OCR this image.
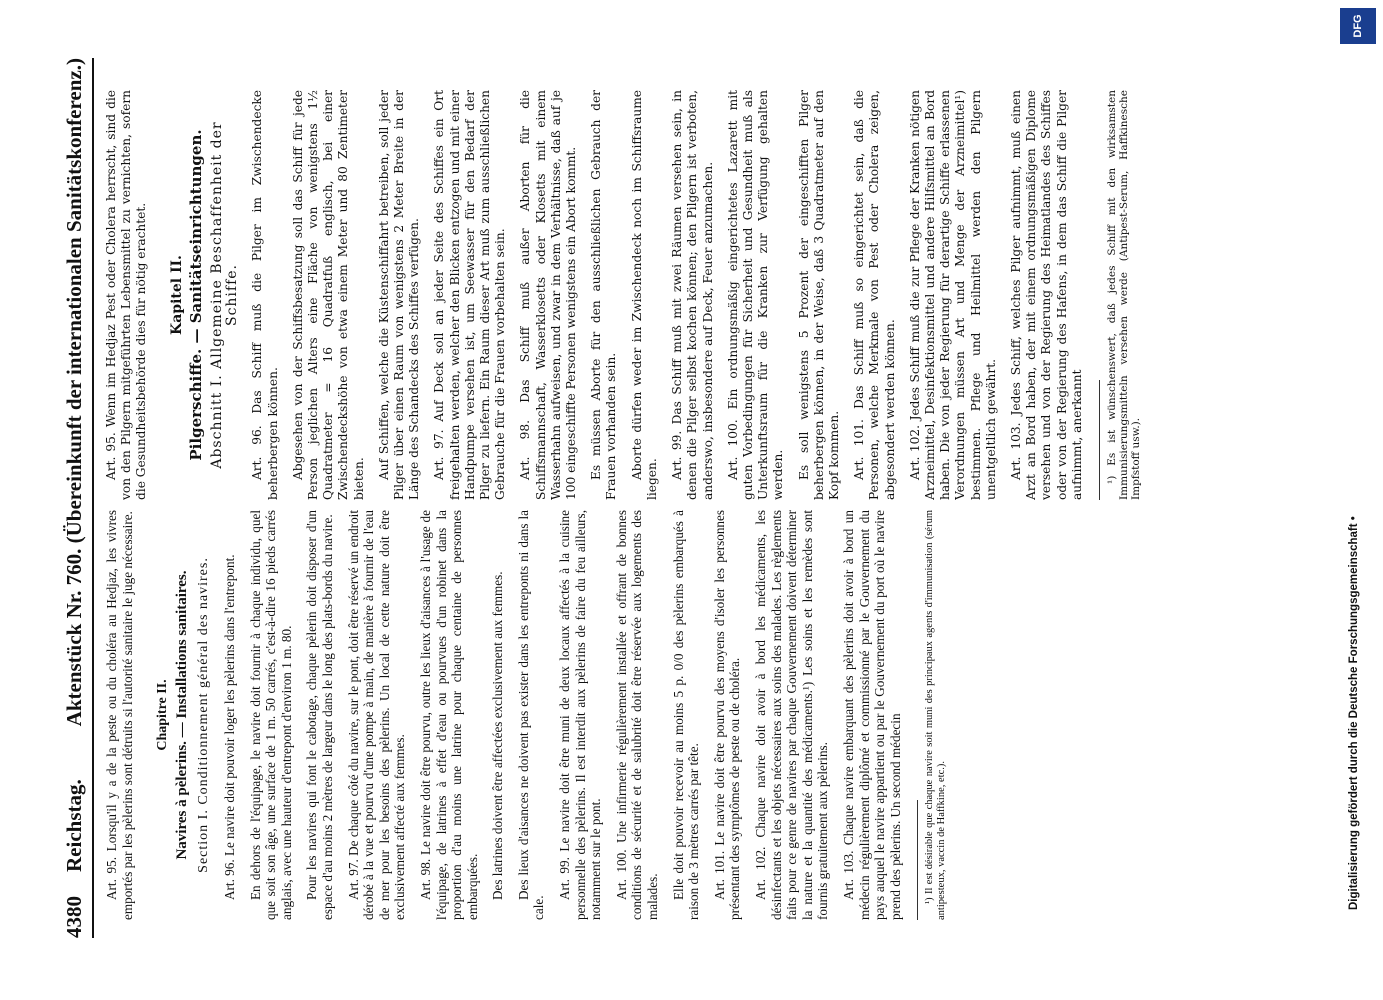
4380
Reichstag.
Aktenstück Nr. 760. (Übereinkunft der internationalen Sanitätskonferenz.) Art. 95. Lorsqu'il y a de la peste ou du choléra au Hedjaz, les vivres emportés par les pèlerins sont détruits si l'autorité sanitaire le juge nécessaire. Chapitre II. Navires à pèlerins. — Installations sanitaires. Section I. Conditionnement général des navires. Art. 96. Le navire doit pouvoir loger les pèlerins dans l'entrepont. En dehors de l'équipage, le navire doit fournir à chaque individu, quel que soit son âge, une surface de 1 m. 50 carrés, c'est-à-dire 16 pieds carrés anglais, avec une hauteur d'entrepont d'environ 1 m. 80. Pour les navires qui font le cabotage, chaque pèlerin doit disposer d'un espace d'au moins 2 mètres de largeur dans le long des plats-bords du navire. Art. 97. De chaque côté du navire, sur le pont, doit être réservé un endroit dérobé à la vue et pourvu d'une pompe à main, de manière à fournir de l'eau de mer pour les besoins des pèlerins. Un local de cette nature doit être exclusivement affecté aux femmes. Art. 98. Le navire doit être pourvu, outre les lieux d'aisances à l'usage de l'équipage, de latrines à effet d'eau ou pourvues d'un robinet dans la proportion d'au moins une latrine pour chaque centaine de personnes embarquées. Des latrines doivent être affectées exclusivement aux femmes. Des lieux d'aisances ne doivent pas exister dans les entreponts ni dans la cale.

Art. 99. Le navire doit être muni de deux locaux affectés à la cuisine personnelle des pèlerins. Il est interdit aux pèlerins de faire du feu ailleurs, notamment sur le pont. Art. 100. Une infirmerie régulièrement installée et offrant de bonnes conditions de sécurité et de salubrité doit être réservée aux logements des malades. Elle doit pouvoir recevoir au moins 5 p. 0/0 des pèlerins embarqués à raison de 3 mètres carrés par tête. Art. 101. Le navire doit être pourvu des moyens d'isoler les personnes présentant des symptômes de peste ou de choléra. Art. 102. Chaque navire doit avoir à bord les médicaments, les désinfectants et les objets nécessaires aux soins des malades. Les règlements faits pour ce genre de navires par chaque Gouvernement doivent déterminer la nature et la quantité des médicaments.¹) Les soins et les remèdes sont fournis gratuitement aux pèlerins. Art. 103. Chaque navire embarquant des pèlerins doit avoir à bord un médecin régulièrement diplômé et commissionné par le Gouvernement du pays auquel le navire appartient ou par le Gouvernement du port où le navire prend des pèlerins. Un second médecin ¹) Il est désirable que chaque navire soit muni des principaux agents d'immunisation (sérum antipesteux, vaccin de Haffkine, etc.).

Art. 95. Wenn im Hedjaz Pest oder Cholera herrscht, sind die von den Pilgern mitgeführten Lebensmittel zu vernichten, sofern die Gesundheitsbehörde dies für nötig erachtet. Kapitel II. Pilgerschiffe. — Sanitätseinrichtungen. Abschnitt I. Allgemeine Beschaffenheit der Schiffe. Art. 96. Das Schiff muß die Pilger im Zwischendecke beherbergen können. Abgesehen von der Schiffsbesatzung soll das Schiff für jede Person jeglichen Alters eine Fläche von wenigstens 1½ Quadratmeter = 16 Quadratfuß englisch, bei einer Zwischendeckshöhe von etwa einem Meter und 80 Zentimeter bieten. Auf Schiffen, welche die Küstenschiffahrt betreiben, soll jeder Pilger über einen Raum von wenigstens 2 Meter Breite in der Länge des Schandecks des Schiffes verfügen. Art. 97. Auf Deck soll an jeder Seite des Schiffes ein Ort freigehalten werden, welcher den Blicken entzogen und mit einer Handpumpe versehen ist, um Seewasser für den Bedarf der Pilger zu liefern. Ein Raum dieser Art muß zum ausschließlichen Gebrauche für die Frauen vorbehalten sein. Art. 98. Das Schiff muß außer Aborten für die Schiffsmannschaft, Wasserklosetts oder Klosetts mit einem Wasserhahn aufweisen, und zwar in dem Verhältnisse, daß auf je 100 eingeschiffte Personen wenigstens ein Abort kommt. Es müssen Aborte für den ausschließlichen Gebrauch der Frauen vorhanden sein. Aborte dürfen weder im Zwischendeck noch im Schiffsraume liegen. Art. 99. Das Schiff muß mit zwei Räumen versehen sein, in denen die Pilger selbst kochen können; den Pilgern ist verboten, anderswo, insbesondere auf Deck, Feuer anzumachen. Art. 100. Ein ordnungsmäßig eingerichtetes Lazarett mit guten Vorbedingungen für Sicherheit und Gesundheit muß als Unterkunftsraum für die Kranken zur Verfügung gehalten werden. Es soll wenigstens 5 Prozent der eingeschifften Pilger beherbergen können, in der Weise, daß 3 Quadratmeter auf den Kopf kommen. Art. 101. Das Schiff muß so eingerichtet sein, daß die Personen, welche Merkmale von Pest oder Cholera zeigen, abgesondert werden können. Art. 102. Jedes Schiff muß die zur Pflege der Kranken nötigen Arzneimittel, Desinfektionsmittel und andere Hilfsmittel an Bord haben. Die von jeder Regierung für derartige Schiffe erlassenen Verordnungen müssen Art und Menge der Arzneimittel¹) bestimmen. Pflege und Heilmittel werden den Pilgern unentgeltlich gewährt. Art. 103. Jedes Schiff, welches Pilger aufnimmt, muß einen Arzt an Bord haben, der mit einem ordnungsmäßigen Diplome versehen und von der Regierung des Heimatlandes des Schiffes oder von der Regierung des Hafens, in dem das Schiff die Pilger aufnimmt, anerkannt ¹) Es ist wünschenswert, daß jedes Schiff mit den wirksamsten Immunisierungsmitteln versehen werde (Antipest-Serum, Haffkinesche Impfstoff usw.).

Digitalisierung gefördert durch die Deutsche Forschungsgemeinschaft •
DFG
